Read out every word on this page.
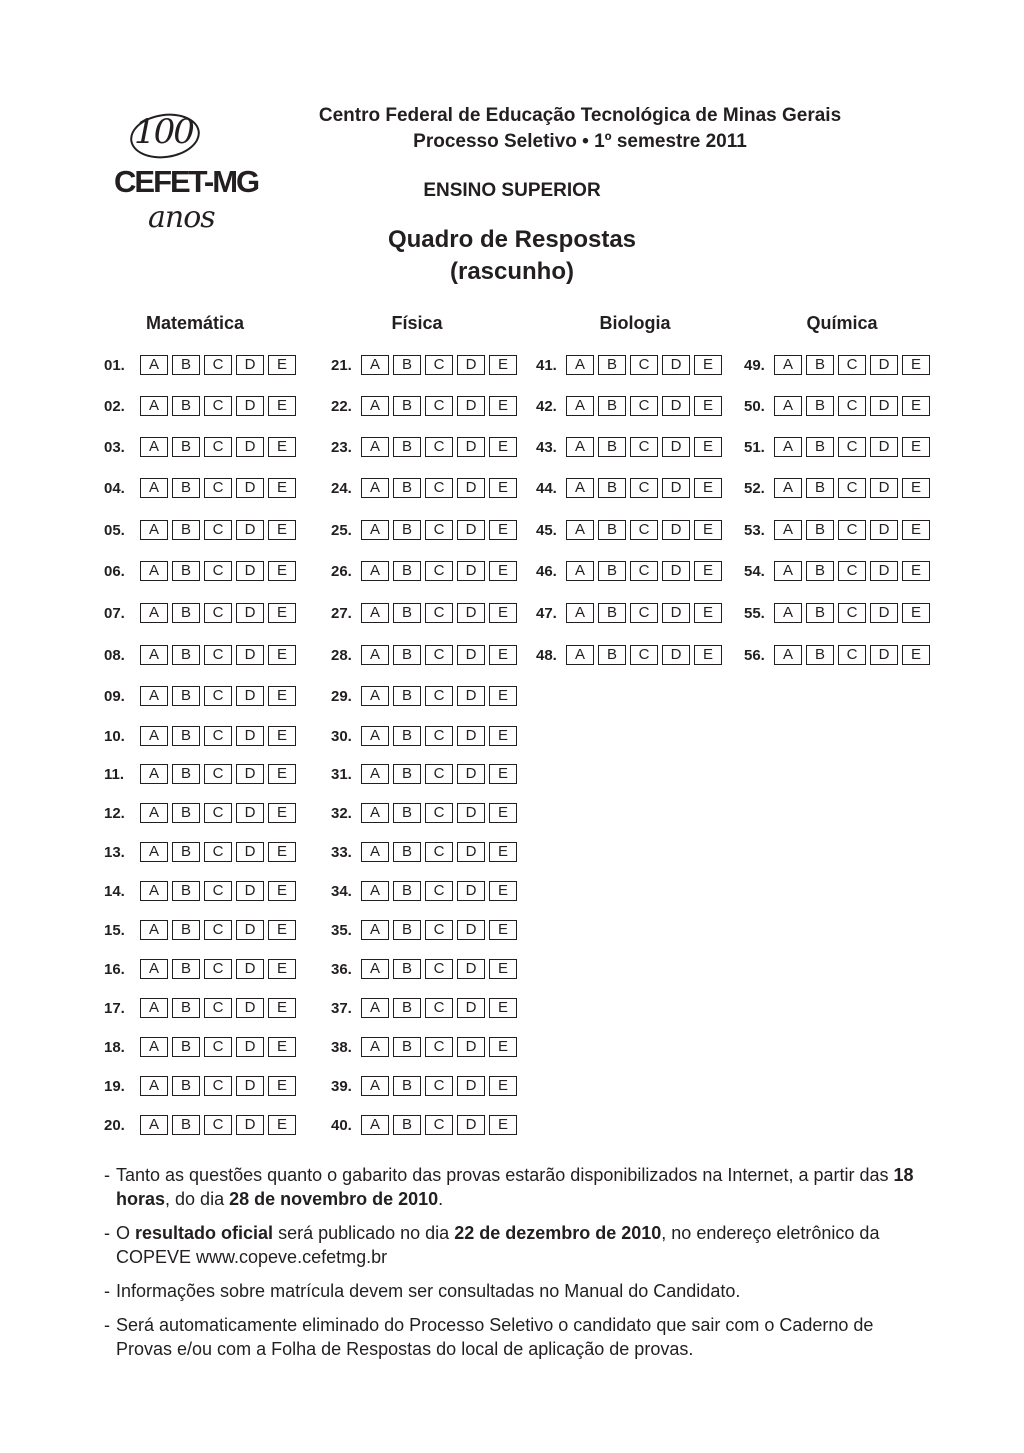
100
CEFET-MG
anos
Centro Federal de Educação Tecnológica de Minas Gerais
Processo Seletivo • 1º semestre 2011
ENSINO SUPERIOR
Quadro de Respostas
(rascunho)
Matemática	Física	Biologia	Química
01.	A	B	C	D	E
02.	A	B	C	D	E
03.	A	B	C	D	E
04.	A	B	C	D	E
05.	A	B	C	D	E
06.	A	B	C	D	E
07.	A	B	C	D	E
08.	A	B	C	D	E
09.	A	B	C	D	E
10.	A	B	C	D	E
11.	A	B	C	D	E
12.	A	B	C	D	E
13.	A	B	C	D	E
14.	A	B	C	D	E
15.	A	B	C	D	E
16.	A	B	C	D	E
17.	A	B	C	D	E
18.	A	B	C	D	E
19.	A	B	C	D	E
20.	A	B	C	D	E
21.	A	B	C	D	E
22.	A	B	C	D	E
23.	A	B	C	D	E
24.	A	B	C	D	E
25.	A	B	C	D	E
26.	A	B	C	D	E
27.	A	B	C	D	E
28.	A	B	C	D	E
29.	A	B	C	D	E
30.	A	B	C	D	E
31.	A	B	C	D	E
32.	A	B	C	D	E
33.	A	B	C	D	E
34.	A	B	C	D	E
35.	A	B	C	D	E
36.	A	B	C	D	E
37.	A	B	C	D	E
38.	A	B	C	D	E
39.	A	B	C	D	E
40.	A	B	C	D	E
41.	A	B	C	D	E
42.	A	B	C	D	E
43.	A	B	C	D	E
44.	A	B	C	D	E
45.	A	B	C	D	E
46.	A	B	C	D	E
47.	A	B	C	D	E
48.	A	B	C	D	E
49.	A	B	C	D	E
50.	A	B	C	D	E
51.	A	B	C	D	E
52.	A	B	C	D	E
53.	A	B	C	D	E
54.	A	B	C	D	E
55.	A	B	C	D	E
56.	A	B	C	D	E
- Tanto as questões quanto o gabarito das provas estarão disponibilizados na Internet, a partir das 18 horas, do dia 28 de novembro de 2010.
- O resultado oficial será publicado no dia 22 de dezembro de 2010, no endereço eletrônico da COPEVE www.copeve.cefetmg.br
- Informações sobre matrícula devem ser consultadas no Manual do Candidato.
- Será automaticamente eliminado do Processo Seletivo o candidato que sair com o Caderno de Provas e/ou com a Folha de Respostas do local de aplicação de provas.
